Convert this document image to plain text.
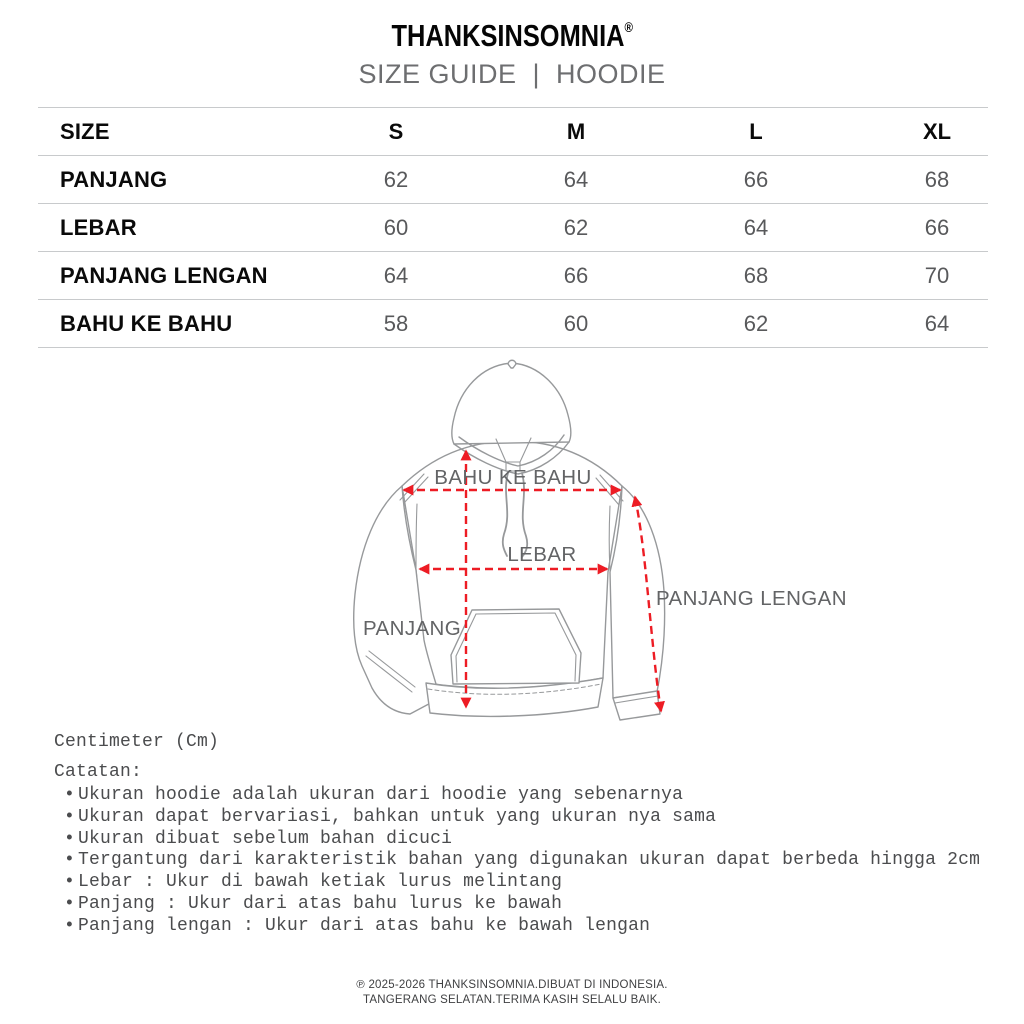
THANKSINSOMNIA®
SIZE GUIDE | HOODIE
SIZE	S	M	L	XL
PANJANG	62	64	66	68
LEBAR	60	62	64	66
PANJANG LENGAN	64	66	68	70
BAHU KE BAHU	58	60	62	64
BAHU KE BAHU
LEBAR
PANJANG
PANJANG LENGAN
Centimeter (Cm)
Catatan:
• Ukuran hoodie adalah ukuran dari hoodie yang sebenarnya
• Ukuran dapat bervariasi, bahkan untuk yang ukuran nya sama
• Ukuran dibuat sebelum bahan dicuci
• Tergantung dari karakteristik bahan yang digunakan ukuran dapat berbeda hingga 2cm
• Lebar : Ukur di bawah ketiak lurus melintang
• Panjang : Ukur dari atas bahu lurus ke bawah
• Panjang lengan : Ukur dari atas bahu ke bawah lengan
℗ 2025-2026 THANKSINSOMNIA.DIBUAT DI INDONESIA.
TANGERANG SELATAN.TERIMA KASIH SELALU BAIK.
